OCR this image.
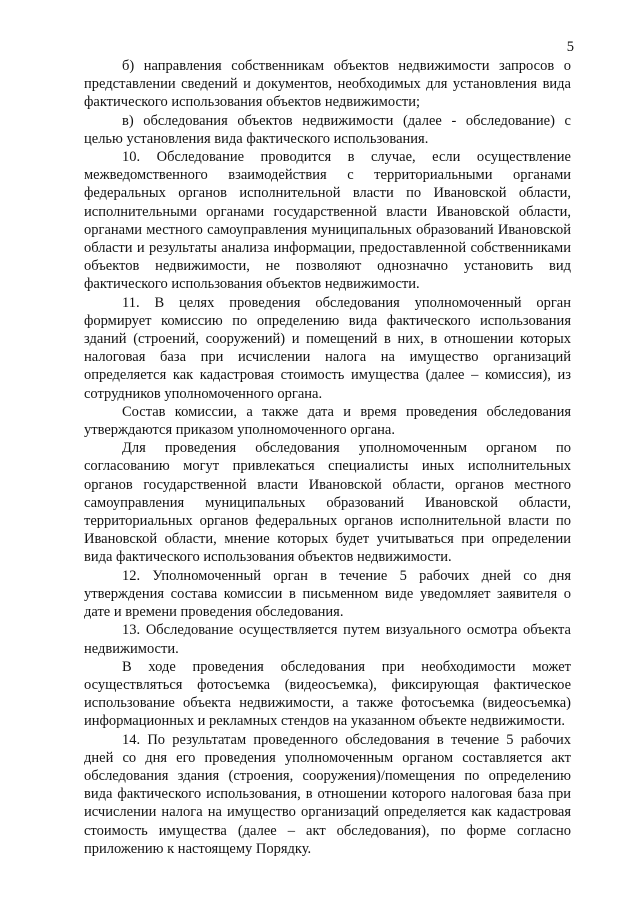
5

б) направления собственникам объектов недвижимости запросов о представлении сведений и документов, необходимых для установления вида фактического использования объектов недвижимости;

в) обследования объектов недвижимости (далее - обследование) с целью установления вида фактического использования.

10. Обследование проводится в случае, если осуществление межведомственного взаимодействия с территориальными органами федеральных органов исполнительной власти по Ивановской области, исполнительными органами государственной власти Ивановской области, органами местного самоуправления муниципальных образований Ивановской области и результаты анализа информации, предоставленной собственниками объектов недвижимости, не позволяют однозначно установить вид фактического использования объектов недвижимости.

11. В целях проведения обследования уполномоченный орган формирует комиссию по определению вида фактического использования зданий (строений, сооружений) и помещений в них, в отношении которых налоговая база при исчислении налога на имущество организаций определяется как кадастровая стоимость имущества (далее – комиссия), из сотрудников уполномоченного органа.

Состав комиссии, а также дата и время проведения обследования утверждаются приказом уполномоченного органа.

Для проведения обследования уполномоченным органом по согласованию могут привлекаться специалисты иных исполнительных органов государственной власти Ивановской области, органов местного самоуправления муниципальных образований Ивановской области, территориальных органов федеральных органов исполнительной власти по Ивановской области, мнение которых будет учитываться при определении вида фактического использования объектов недвижимости.

12. Уполномоченный орган в течение 5 рабочих дней со дня утверждения состава комиссии в письменном виде уведомляет заявителя о дате и времени проведения обследования.

13. Обследование осуществляется путем визуального осмотра объекта недвижимости.

В ходе проведения обследования при необходимости может осуществляться фотосъемка (видеосъемка), фиксирующая фактическое использование объекта недвижимости, а также фотосъемка (видеосъемка) информационных и рекламных стендов на указанном объекте недвижимости.

14. По результатам проведенного обследования в течение 5 рабочих дней со дня его проведения уполномоченным органом составляется акт обследования здания (строения, сооружения)/помещения по определению вида фактического использования, в отношении которого налоговая база при исчислении налога на имущество организаций определяется как кадастровая стоимость имущества (далее – акт обследования), по форме согласно приложению к настоящему Порядку.
